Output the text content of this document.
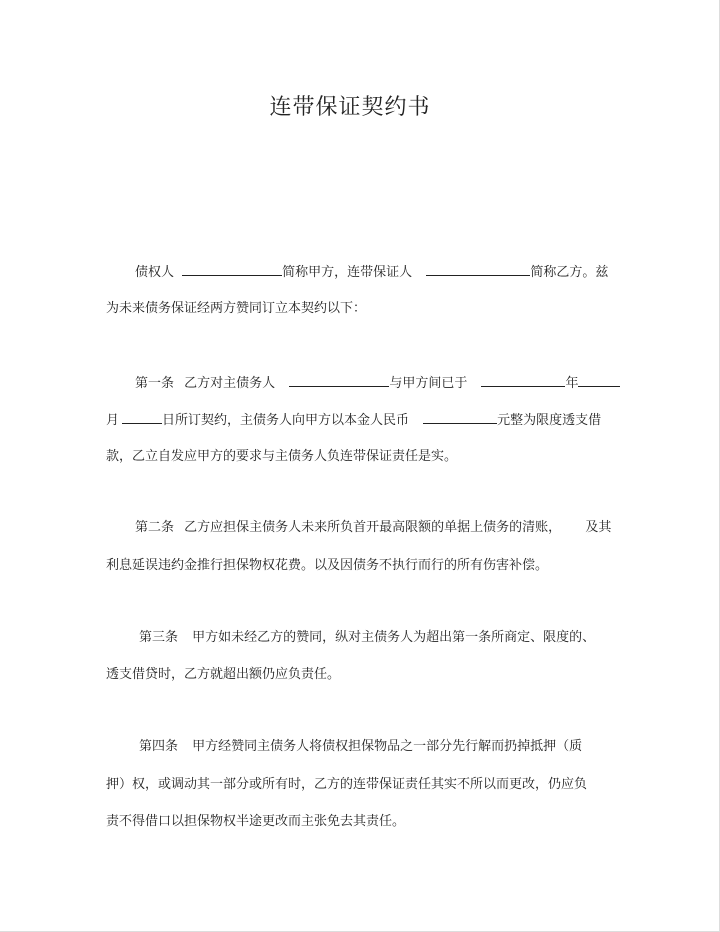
连带保证契约书
债权人	简称甲方，连带保证人	简称乙方。兹
为未来债务保证经两方赞同订立本契约以下：
第一条 乙方对主债务人	与甲方间已于	年
月	日所订契约，主债务人向甲方以本金人民币	元整为限度透支借
款，乙立自发应甲方的要求与主债务人负连带保证责任是实。
第二条 乙方应担保主债务人未来所负首开最高限额的单据上债务的清账， 及其
利息延误违约金推行担保物权花费。以及因债务不执行而行的所有伤害补偿。
第三条 甲方如未经乙方的赞同，纵对主债务人为超出第一条所商定、限度的、
透支借贷时，乙方就超出额仍应负责任。
第四条 甲方经赞同主债务人将债权担保物品之一部分先行解而扔掉抵押（质
押）权，或调动其一部分或所有时，乙方的连带保证责任其实不所以而更改，仍应负
责不得借口以担保物权半途更改而主张免去其责任。
